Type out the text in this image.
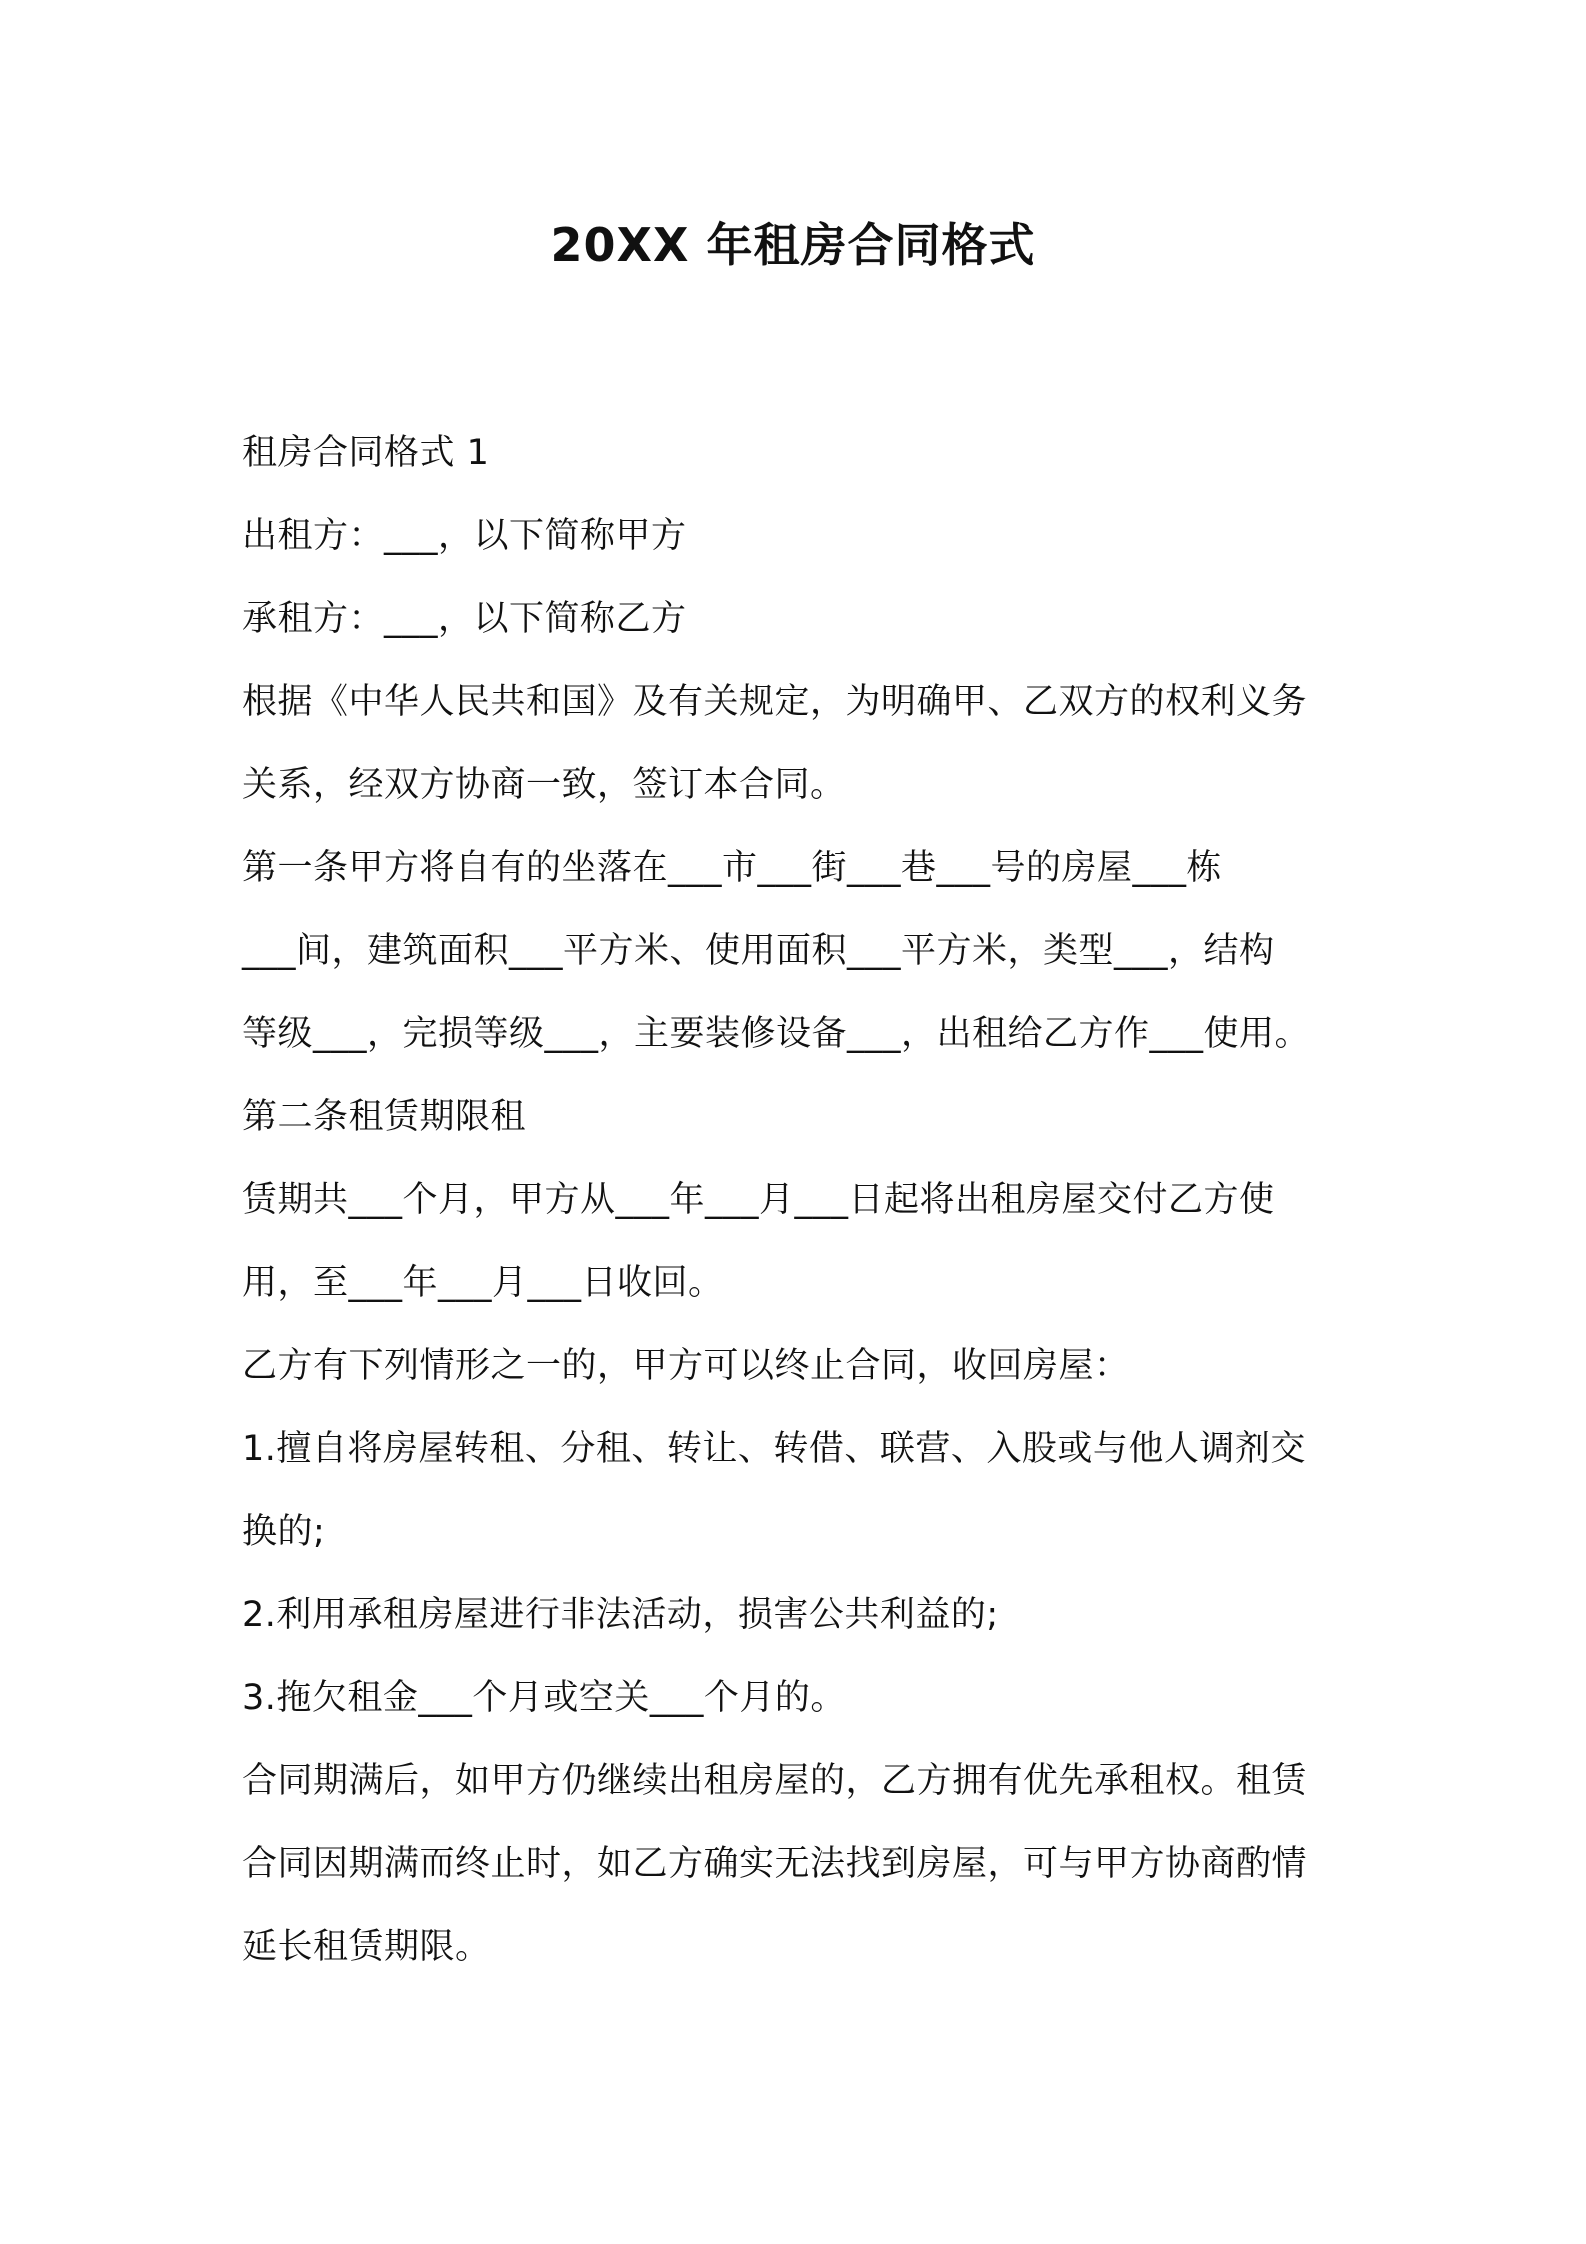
20XX 年租房合同格式
租房合同格式 1
出租方：___，以下简称甲方
承租方：___，以下简称乙方
根据《中华人民共和国》及有关规定，为明确甲、乙双方的权利义务
关系，经双方协商一致，签订本合同。
第一条甲方将自有的坐落在___市___街___巷___号的房屋___栋
___间，建筑面积___平方米、使用面积___平方米，类型___，结构
等级___，完损等级___，主要装修设备___，出租给乙方作___使用。
第二条租赁期限租
赁期共___个月，甲方从___年___月___日起将出租房屋交付乙方使
用，至___年___月___日收回。
乙方有下列情形之一的，甲方可以终止合同，收回房屋：
1.擅自将房屋转租、分租、转让、转借、联营、入股或与他人调剂交
换的;
2.利用承租房屋进行非法活动，损害公共利益的;
3.拖欠租金___个月或空关___个月的。
合同期满后，如甲方仍继续出租房屋的，乙方拥有优先承租权。租赁
合同因期满而终止时，如乙方确实无法找到房屋，可与甲方协商酌情
延长租赁期限。
